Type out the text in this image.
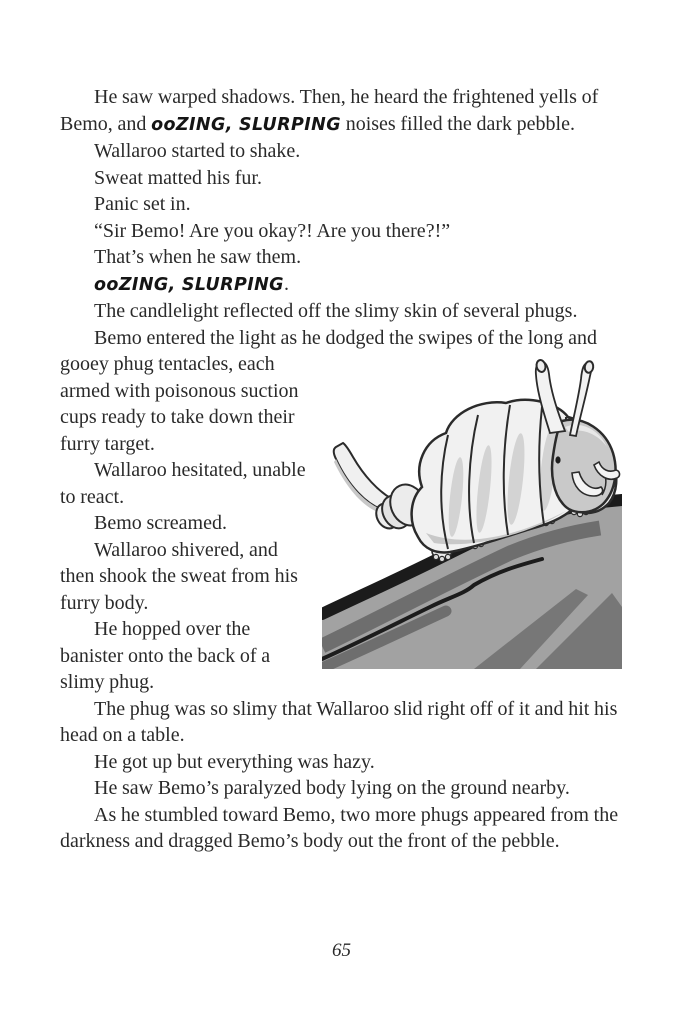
He saw warped shadows. Then, he heard the frightened yells of Bemo, and ooZING, SLURPING noises filled the dark pebble.

Wallaroo started to shake.

Sweat matted his fur.

Panic set in.

“Sir Bemo! Are you okay?! Are you there?!”

That’s when he saw them.

ooZING, SLURPING.

The candlelight reflected off the slimy skin of several phugs.

Bemo entered the light as he dodged the swipes of the long and gooey phug tentacles, each armed with poisonous suction cups ready to take down their furry target.

Wallaroo hesitated, unable to react.

Bemo screamed.

Wallaroo shivered, and then shook the sweat from his furry body.

He hopped over the banister onto the back of a slimy phug.

The phug was so slimy that Wallaroo slid right off of it and hit his head on a table.

He got up but everything was hazy.

He saw Bemo’s paralyzed body lying on the ground nearby.

As he stumbled toward Bemo, two more phugs appeared from the darkness and dragged Bemo’s body out the front of the pebble.

65
